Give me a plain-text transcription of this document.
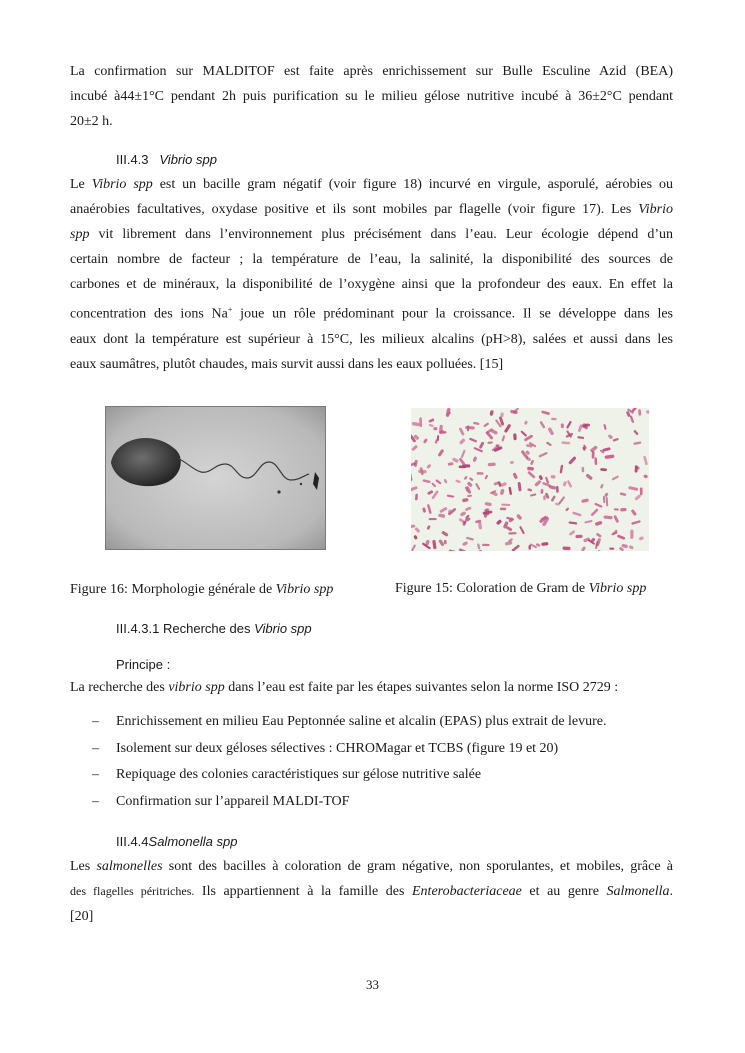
La confirmation sur MALDITOF est faite après enrichissement sur Bulle Esculine Azid (BEA)
incubé à44±1°C pendant 2h puis purification su le milieu gélose nutritive incubé à 36±2°C pendant
20±2 h.
III.4.3 Vibrio spp
Le Vibrio spp est un bacille gram négatif (voir figure 18) incurvé en virgule, asporulé, aérobies ou
anaérobies facultatives, oxydase positive et ils sont mobiles par flagelle (voir figure 17). Les Vibrio
spp vit librement dans l’environnement plus précisément dans l’eau. Leur écologie dépend d’un
certain nombre de facteur ; la température de l’eau, la salinité, la disponibilité des sources de
carbones et de minéraux, la disponibilité de l’oxygène ainsi que la profondeur des eaux. En effet la
concentration des ions Na+ joue un rôle prédominant pour la croissance. Il se développe dans les
eaux dont la température est supérieur à 15°C, les milieux alcalins (pH>8), salées et aussi dans les
eaux saumâtres, plutôt chaudes, mais survit aussi dans les eaux polluées. [15]
Figure 16: Morphologie générale de Vibrio spp	Figure 15: Coloration de Gram de Vibrio spp
III.4.3.1 Recherche des Vibrio spp
Principe :
La recherche des vibrio spp dans l’eau est faite par les étapes suivantes selon la norme ISO 2729 :
– Enrichissement en milieu Eau Peptonnée saline et alcalin (EPAS) plus extrait de levure.
– Isolement sur deux géloses sélectives : CHROMagar et TCBS (figure 19 et 20)
– Repiquage des colonies caractéristiques sur gélose nutritive salée
– Confirmation sur l’appareil MALDI-TOF
III.4.4Salmonella spp
Les salmonelles sont des bacilles à coloration de gram négative, non sporulantes, et mobiles, grâce à
des flagelles péritriches. Ils appartiennent à la famille des Enterobacteriaceae et au genre Salmonella.
[20]
33
